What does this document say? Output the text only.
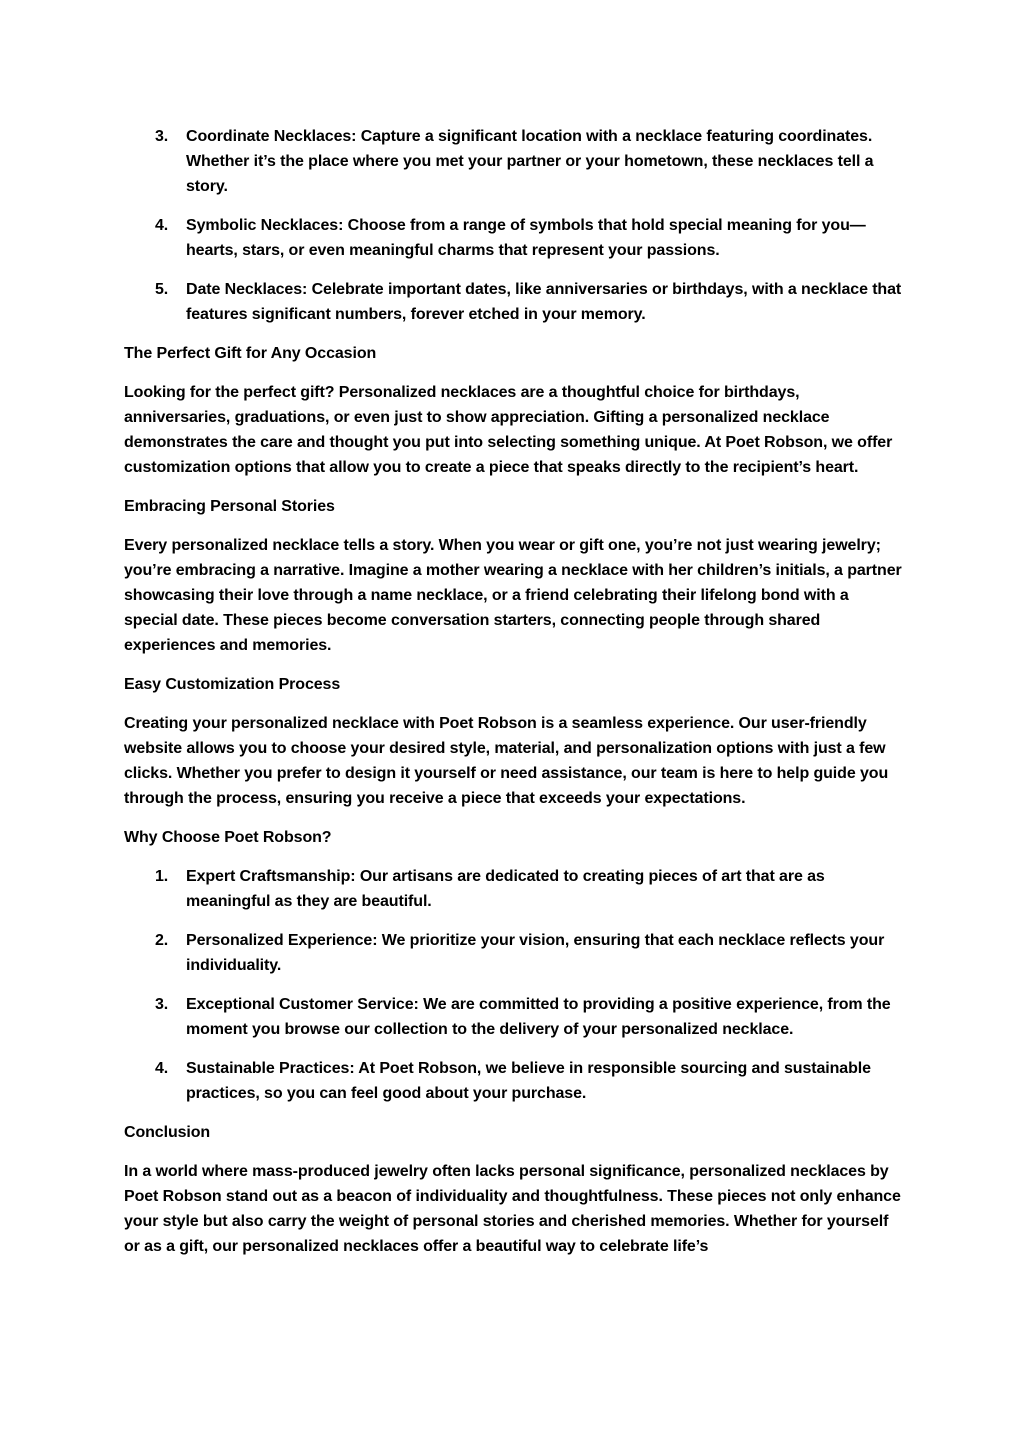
3. Coordinate Necklaces: Capture a significant location with a necklace featuring coordinates. Whether it’s the place where you met your partner or your hometown, these necklaces tell a story.
4. Symbolic Necklaces: Choose from a range of symbols that hold special meaning for you—hearts, stars, or even meaningful charms that represent your passions.
5. Date Necklaces: Celebrate important dates, like anniversaries or birthdays, with a necklace that features significant numbers, forever etched in your memory.

The Perfect Gift for Any Occasion

Looking for the perfect gift? Personalized necklaces are a thoughtful choice for birthdays, anniversaries, graduations, or even just to show appreciation. Gifting a personalized necklace demonstrates the care and thought you put into selecting something unique. At Poet Robson, we offer customization options that allow you to create a piece that speaks directly to the recipient’s heart.

Embracing Personal Stories

Every personalized necklace tells a story. When you wear or gift one, you’re not just wearing jewelry; you’re embracing a narrative. Imagine a mother wearing a necklace with her children’s initials, a partner showcasing their love through a name necklace, or a friend celebrating their lifelong bond with a special date. These pieces become conversation starters, connecting people through shared experiences and memories.

Easy Customization Process

Creating your personalized necklace with Poet Robson is a seamless experience. Our user-friendly website allows you to choose your desired style, material, and personalization options with just a few clicks. Whether you prefer to design it yourself or need assistance, our team is here to help guide you through the process, ensuring you receive a piece that exceeds your expectations.

Why Choose Poet Robson?

1. Expert Craftsmanship: Our artisans are dedicated to creating pieces of art that are as meaningful as they are beautiful.
2. Personalized Experience: We prioritize your vision, ensuring that each necklace reflects your individuality.
3. Exceptional Customer Service: We are committed to providing a positive experience, from the moment you browse our collection to the delivery of your personalized necklace.
4. Sustainable Practices: At Poet Robson, we believe in responsible sourcing and sustainable practices, so you can feel good about your purchase.

Conclusion

In a world where mass-produced jewelry often lacks personal significance, personalized necklaces by Poet Robson stand out as a beacon of individuality and thoughtfulness. These pieces not only enhance your style but also carry the weight of personal stories and cherished memories. Whether for yourself or as a gift, our personalized necklaces offer a beautiful way to celebrate life’s
